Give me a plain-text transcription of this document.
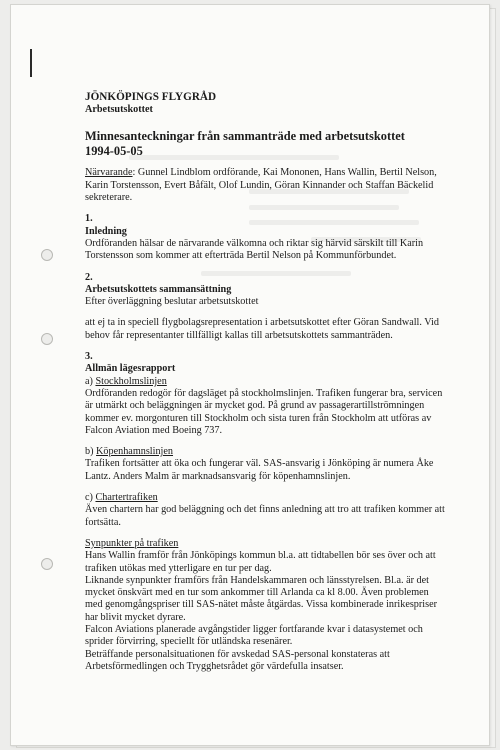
JÖNKÖPINGS FLYGRÅD
Arbetsutskottet
Minnesanteckningar från sammanträde med arbetsutskottet
1994-05-05

Närvarande: Gunnel Lindblom ordförande, Kai Mononen, Hans Wallin, Bertil Nelson, Karin Torstensson, Evert Båfält, Olof Lundin, Göran Kinnander och Staffan Bäckelid sekreterare.

1.
Inledning

Ordföranden hälsar de närvarande välkomna och riktar sig härvid särskilt till Karin Torstensson som kommer att efterträda Bertil Nelson på Kommunförbundet.

2.
Arbetsutskottets sammansättning

Efter överläggning beslutar arbetsutskottet

att ej ta in speciell flygbolagsrepresentation i arbetsutskottet efter Göran Sandwall. Vid behov får representanter tillfälligt kallas till arbetsutskottets sammanträden.

3.
Allmän lägesrapport
a) Stockholmslinjen

Ordföranden redogör för dagsläget på stockholmslinjen. Trafiken fungerar bra, servicen är utmärkt och beläggningen är mycket god. På grund av passagerartillströmningen kommer ev. morgonturen till Stockholm och sista turen från Stockholm att utföras av Falcon Aviation med Boeing 737.

b) Köpenhamnslinjen

Trafiken fortsätter att öka och fungerar väl. SAS-ansvarig i Jönköping är numera Åke Lantz. Anders Malm är marknadsansvarig för köpenhamnslinjen.

c) Chartertrafiken

Även chartern har god beläggning och det finns anledning att tro att trafiken kommer att fortsätta.

Synpunkter på trafiken

Hans Wallin framför från Jönköpings kommun bl.a. att tidtabellen bör ses över och att trafiken utökas med ytterligare en tur per dag.

Liknande synpunkter framförs från Handelskammaren och länsstyrelsen. Bl.a. är det mycket önskvärt med en tur som ankommer till Arlanda ca kl 8.00. Även problemen med genomgångspriser till SAS-nätet måste åtgärdas. Vissa kombinerade inrikespriser har blivit mycket dyrare.

Falcon Aviations planerade avgångstider ligger fortfarande kvar i datasystemet och sprider förvirring, speciellt för utländska resenärer.

Beträffande personalsituationen för avskedad SAS-personal konstateras att Arbetsförmedlingen och Trygghetsrådet gör värdefulla insatser.
